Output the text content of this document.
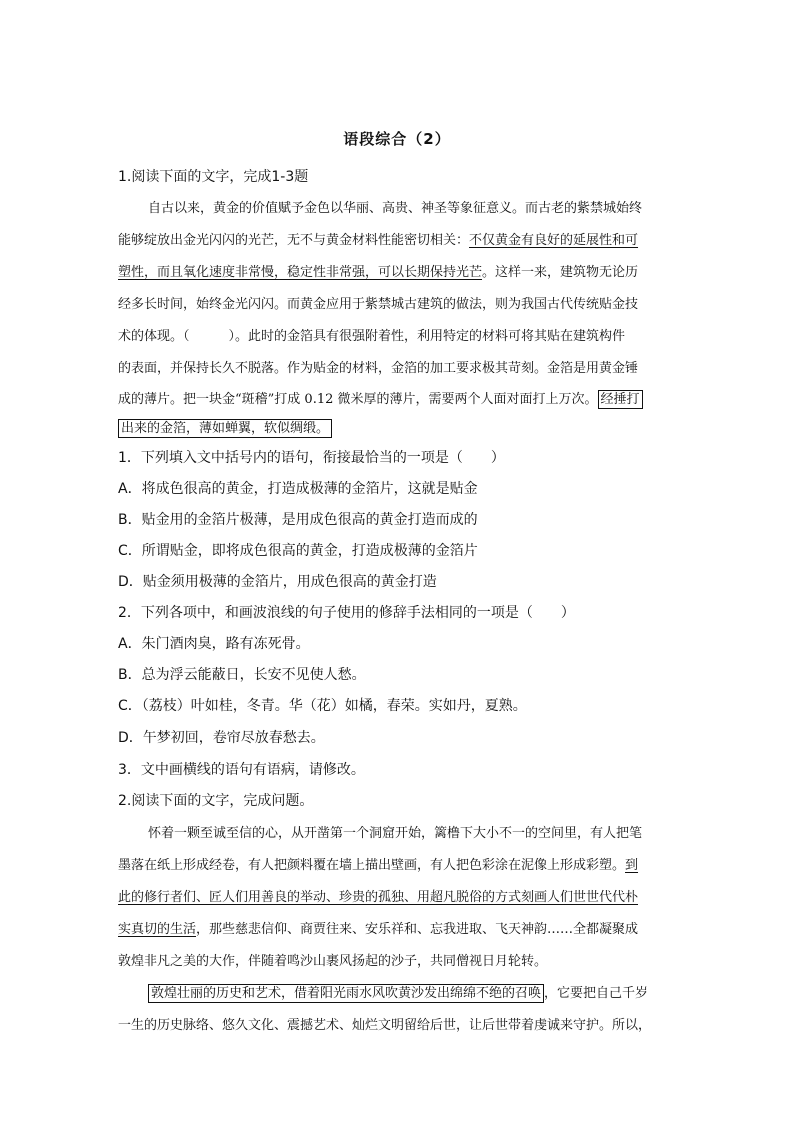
语段综合（2）
1.阅读下面的文字，完成1-3题
自古以来，黄金的价值赋予金色以华丽、高贵、神圣等象征意义。而古老的紫禁城始终
能够绽放出金光闪闪的光芒，无不与黄金材料性能密切相关：不仅黄金有良好的延展性和可
塑性，而且氧化速度非常慢，稳定性非常强，可以长期保持光芒。这样一来，建筑物无论历
经多长时间，始终金光闪闪。而黄金应用于紫禁城古建筑的做法，则为我国古代传统贴金技
术的体现。（　　　）。此时的金箔具有很强附着性，利用特定的材料可将其贴在建筑构件
的表面，并保持长久不脱落。作为贴金的材料，金箔的加工要求极其苛刻。金箔是用黄金锤
成的薄片。把一块金“斑稽”打成 0.12 微米厚的薄片，需要两个人面对面打上万次。 经捶打
出来的金箔，薄如蝉翼，软似绸缎。
1．下列填入文中括号内的语句，衔接最恰当的一项是（　　）
A．将成色很高的黄金，打造成极薄的金箔片，这就是贴金
B．贴金用的金箔片极薄，是用成色很高的黄金打造而成的
C．所谓贴金，即将成色很高的黄金，打造成极薄的金箔片
D．贴金须用极薄的金箔片，用成色很高的黄金打造
2．下列各项中，和画波浪线的句子使用的修辞手法相同的一项是（　　）
A．朱门酒肉臭，路有冻死骨。
B．总为浮云能蔽日，长安不见使人愁。
C．（荔枝）叶如桂，冬青。华（花）如橘，春荣。实如丹，夏熟。
D．午梦初回，卷帘尽放春愁去。
3．文中画横线的语句有语病，请修改。
2.阅读下面的文字，完成问题。
怀着一颗至诚至信的心，从开凿第一个洞窟开始，篱橹下大小不一的空间里，有人把笔
墨落在纸上形成经卷，有人把颜料覆在墙上描出壁画，有人把色彩涂在泥像上形成彩塑。到
此的修行者们、匠人们用善良的举动、珍贵的孤独、用超凡脱俗的方式刻画人们世世代代朴
实真切的生活，那些慈悲信仰、商贾往来、安乐祥和、忘我进取、飞天神韵……全都凝聚成
敦煌非凡之美的大作，伴随着鸣沙山裹风扬起的沙子，共同僧视日月轮转。
敦煌壮丽的历史和艺术，借着阳光雨水风吹黄沙发出绵绵不绝的召唤 ，它要把自己千岁
一生的历史脉络、悠久文化、震撼艺术、灿烂文明留给后世，让后世带着虔诚来守护。所以，
